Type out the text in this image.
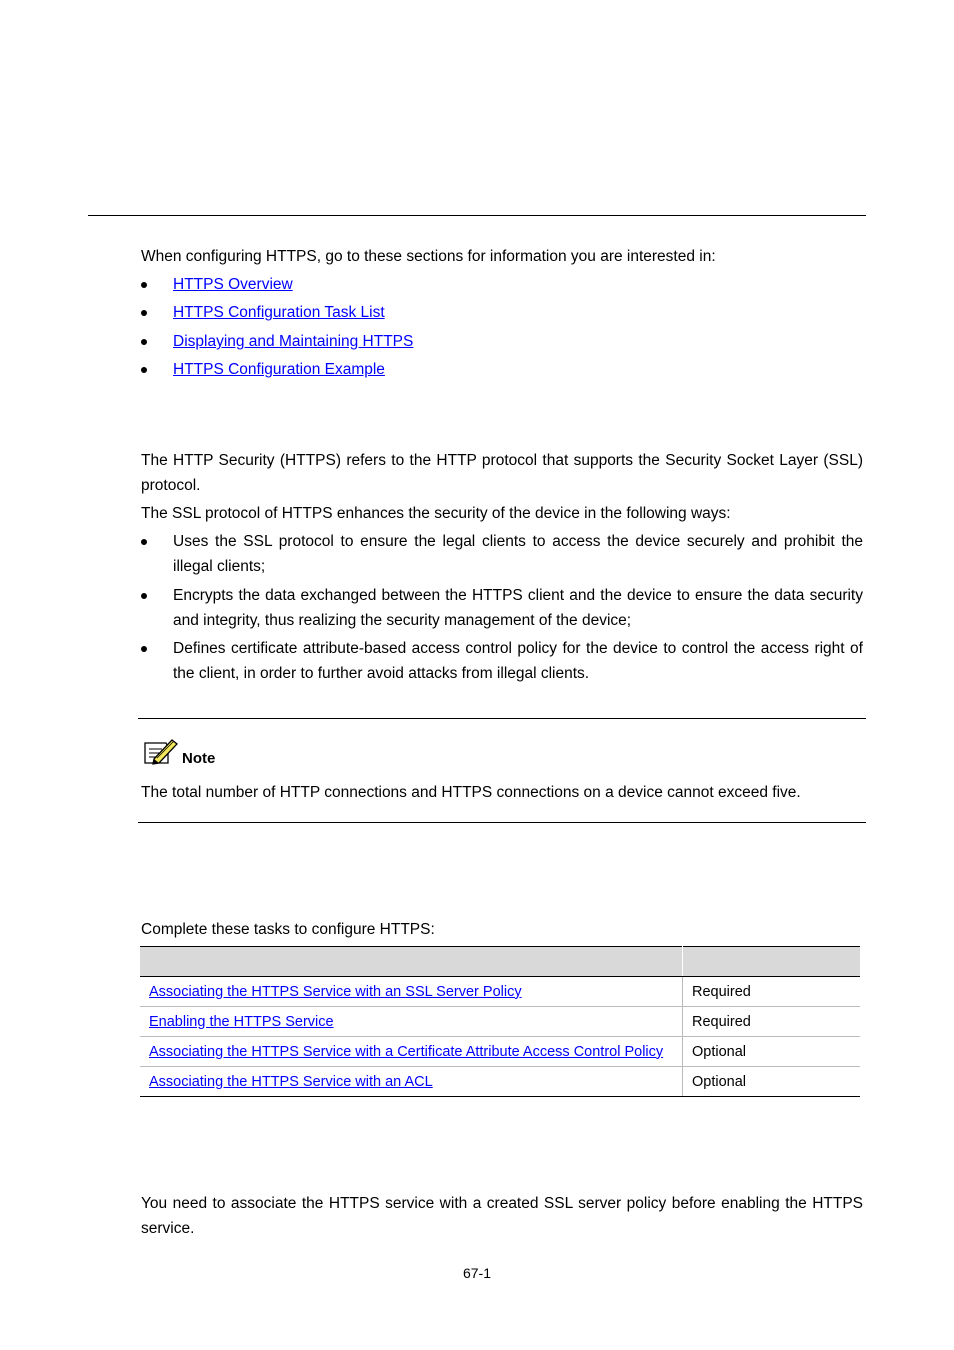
When configuring HTTPS, go to these sections for information you are interested in:
HTTPS Overview
HTTPS Configuration Task List
Displaying and Maintaining HTTPS
HTTPS Configuration Example
The HTTP Security (HTTPS) refers to the HTTP protocol that supports the Security Socket Layer (SSL) protocol.
The SSL protocol of HTTPS enhances the security of the device in the following ways:
Uses the SSL protocol to ensure the legal clients to access the device securely and prohibit the illegal clients;
Encrypts the data exchanged between the HTTPS client and the device to ensure the data security and integrity, thus realizing the security management of the device;
Defines certificate attribute-based access control policy for the device to control the access right of the client, in order to further avoid attacks from illegal clients.
Note
The total number of HTTP connections and HTTPS connections on a device cannot exceed five.
Complete these tasks to configure HTTPS:

Associating the HTTPS Service with an SSL Server Policy	Required
Enabling the HTTPS Service	Required
Associating the HTTPS Service with a Certificate Attribute Access Control Policy	Optional
Associating the HTTPS Service with an ACL	Optional
You need to associate the HTTPS service with a created SSL server policy before enabling the HTTPS service.
67-1
